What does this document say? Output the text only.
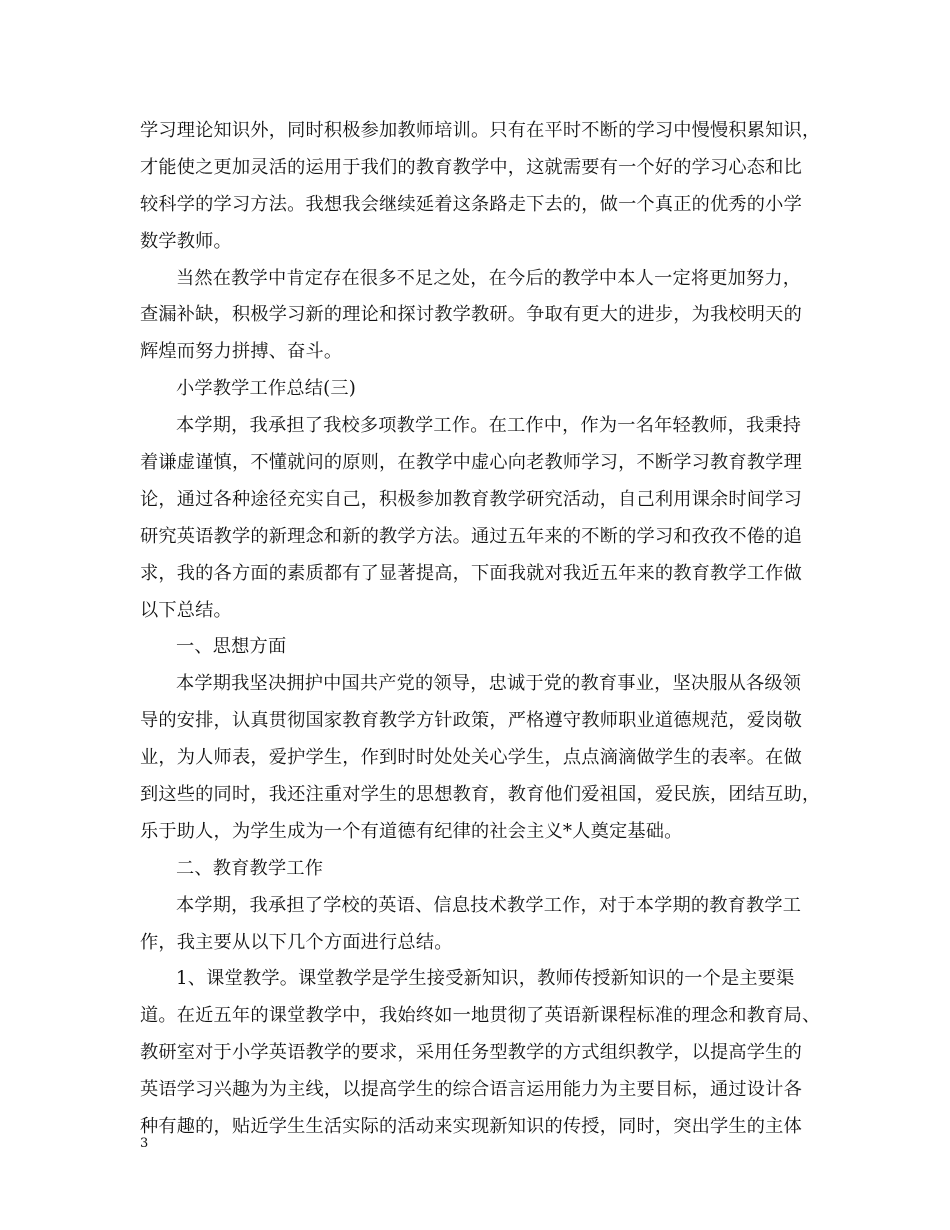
学习理论知识外，同时积极参加教师培训。只有在平时不断的学习中慢慢积累知识，
才能使之更加灵活的运用于我们的教育教学中，这就需要有一个好的学习心态和比
较科学的学习方法。我想我会继续延着这条路走下去的，做一个真正的优秀的小学
数学教师。
当然在教学中肯定存在很多不足之处，在今后的教学中本人一定将更加努力，
查漏补缺，积极学习新的理论和探讨教学教研。争取有更大的进步，为我校明天的
辉煌而努力拼搏、奋斗。
小学教学工作总结(三)
本学期，我承担了我校多项教学工作。在工作中，作为一名年轻教师，我秉持
着谦虚谨慎，不懂就问的原则，在教学中虚心向老教师学习，不断学习教育教学理
论，通过各种途径充实自己，积极参加教育教学研究活动，自己利用课余时间学习
研究英语教学的新理念和新的教学方法。通过五年来的不断的学习和孜孜不倦的追
求，我的各方面的素质都有了显著提高，下面我就对我近五年来的教育教学工作做
以下总结。
一、思想方面
本学期我坚决拥护中国共产党的领导，忠诚于党的教育事业，坚决服从各级领
导的安排，认真贯彻国家教育教学方针政策，严格遵守教师职业道德规范，爱岗敬
业，为人师表，爱护学生，作到时时处处关心学生，点点滴滴做学生的表率。在做
到这些的同时，我还注重对学生的思想教育，教育他们爱祖国，爱民族，团结互助，
乐于助人，为学生成为一个有道德有纪律的社会主义*人奠定基础。
二、教育教学工作
本学期，我承担了学校的英语、信息技术教学工作，对于本学期的教育教学工
作，我主要从以下几个方面进行总结。
1、课堂教学。课堂教学是学生接受新知识，教师传授新知识的一个是主要渠
道。在近五年的课堂教学中，我始终如一地贯彻了英语新课程标准的理念和教育局、
教研室对于小学英语教学的要求，采用任务型教学的方式组织教学，以提高学生的
英语学习兴趣为为主线，以提高学生的综合语言运用能力为主要目标，通过设计各
种有趣的，贴近学生生活实际的活动来实现新知识的传授，同时，突出学生的主体
3
